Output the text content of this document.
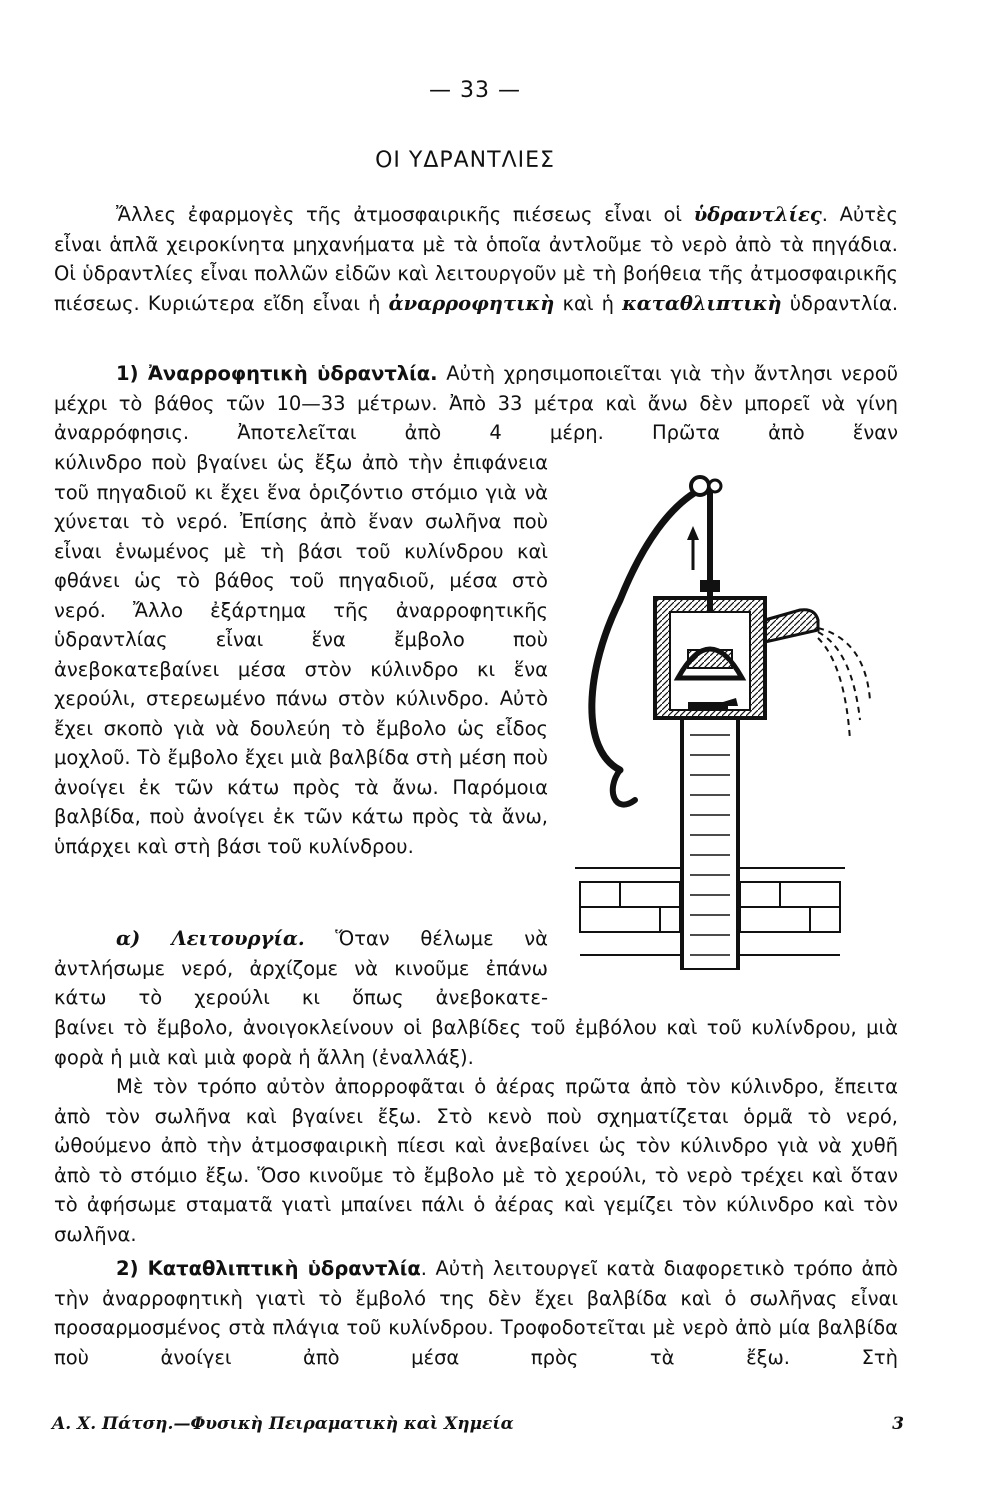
— 33 —
ΟΙ ΥΔΡΑΝΤΛΙΕΣ

Ἄλλες ἐφαρμογὲς τῆς ἀτμοσφαιρικῆς πιέσεως εἶναι οἱ ὑδραντλίες. Αὐτὲς εἶναι ἁπλᾶ χειροκίνητα μηχανήματα μὲ τὰ ὁποῖα ἀντλοῦμε τὸ νερὸ ἀπὸ τὰ πηγάδια. Οἱ ὑδραντλίες εἶναι πολλῶν εἰδῶν καὶ λειτουργοῦν μὲ τὴ βοήθεια τῆς ἀτμοσφαιρικῆς πιέσεως. Κυριώτερα εἴδη εἶναι ἡ ἀναρροφητικὴ καὶ ἡ καταθλιπτικὴ ὑδραντλία.

1) Ἀναρροφητικὴ ὑδραντλία. Αὐτὴ χρησιμοποιεῖται γιὰ τὴν ἄντλησι νεροῦ μέχρι τὸ βάθος τῶν 10—33 μέτρων. Ἀπὸ 33 μέτρα καὶ ἄνω δὲν μπορεῖ νὰ γίνη ἀναρρόφησις. Ἀποτελεῖται ἀπὸ 4 μέρη. Πρῶτα ἀπὸ ἕναν

κύλινδρο ποὺ βγαίνει ὡς ἔξω ἀπὸ τὴν ἐπιφάνεια τοῦ πηγαδιοῦ κι ἔχει ἕνα ὁριζόντιο στόμιο γιὰ νὰ χύνεται τὸ νερό. Ἐπίσης ἀπὸ ἕναν σωλῆνα ποὺ εἶναι ἑνωμένος μὲ τὴ βάσι τοῦ κυλίνδρου καὶ φθάνει ὡς τὸ βάθος τοῦ πηγαδιοῦ, μέσα στὸ νερό. Ἄλλο ἐξάρτημα τῆς ἀναρροφητικῆς ὑδραντλίας εἶναι ἕνα ἔμβολο ποὺ ἀνεβοκατεβαίνει μέσα στὸν κύλινδρο κι ἕνα χερούλι, στερεωμένο πάνω στὸν κύλινδρο. Αὐτὸ ἔχει σκοπὸ γιὰ νὰ δουλεύη τὸ ἔμβολο ὡς εἶδος μοχλοῦ. Τὸ ἔμβολο ἔχει μιὰ βαλβίδα στὴ μέση ποὺ ἀνοίγει ἐκ τῶν κάτω πρὸς τὰ ἄνω. Παρόμοια βαλβίδα, ποὺ ἀνοίγει ἐκ τῶν κάτω πρὸς τὰ ἄνω, ὑπάρχει καὶ στὴ βάσι τοῦ κυλίνδρου.

α) Λειτουργία. Ὅταν θέλωμε νὰ ἀντλήσωμε νερό, ἀρχίζομε νὰ κινοῦμε ἐπάνω κάτω τὸ χερούλι κι ὅπως ἀνεβοκατε-

βαίνει τὸ ἔμβολο, ἀνοιγοκλείνουν οἱ βαλβίδες τοῦ ἐμβόλου καὶ τοῦ κυλίνδρου, μιὰ φορὰ ἡ μιὰ καὶ μιὰ φορὰ ἡ ἄλλη (ἐναλλάξ).

Μὲ τὸν τρόπο αὐτὸν ἀπορροφᾶται ὁ ἀέρας πρῶτα ἀπὸ τὸν κύλινδρο, ἔπειτα ἀπὸ τὸν σωλῆνα καὶ βγαίνει ἔξω. Στὸ κενὸ ποὺ σχηματίζεται ὁρμᾶ τὸ νερό, ὠθούμενο ἀπὸ τὴν ἀτμοσφαιρικὴ πίεσι καὶ ἀνεβαίνει ὡς τὸν κύλινδρο γιὰ νὰ χυθῆ ἀπὸ τὸ στόμιο ἔξω. Ὅσο κινοῦμε τὸ ἔμβολο μὲ τὸ χερούλι, τὸ νερὸ τρέχει καὶ ὅταν τὸ ἀφήσωμε σταματᾶ γιατὶ μπαίνει πάλι ὁ ἀέρας καὶ γεμίζει τὸν κύλινδρο καὶ τὸν σωλῆνα.

2) Καταθλιπτικὴ ὑδραντλία. Αὐτὴ λειτουργεῖ κατὰ διαφορετικὸ τρόπο ἀπὸ τὴν ἀναρροφητικὴ γιατὶ τὸ ἔμβολό της δὲν ἔχει βαλβίδα καὶ ὁ σωλῆνας εἶναι προσαρμοσμένος στὰ πλάγια τοῦ κυλίνδρου. Τροφοδοτεῖται μὲ νερὸ ἀπὸ μία βαλβίδα ποὺ ἀνοίγει ἀπὸ μέσα πρὸς τὰ ἔξω. Στὴ

Α. Χ. Πάτση.—Φυσικὴ Πειραματικὴ καὶ Χημεία	3
